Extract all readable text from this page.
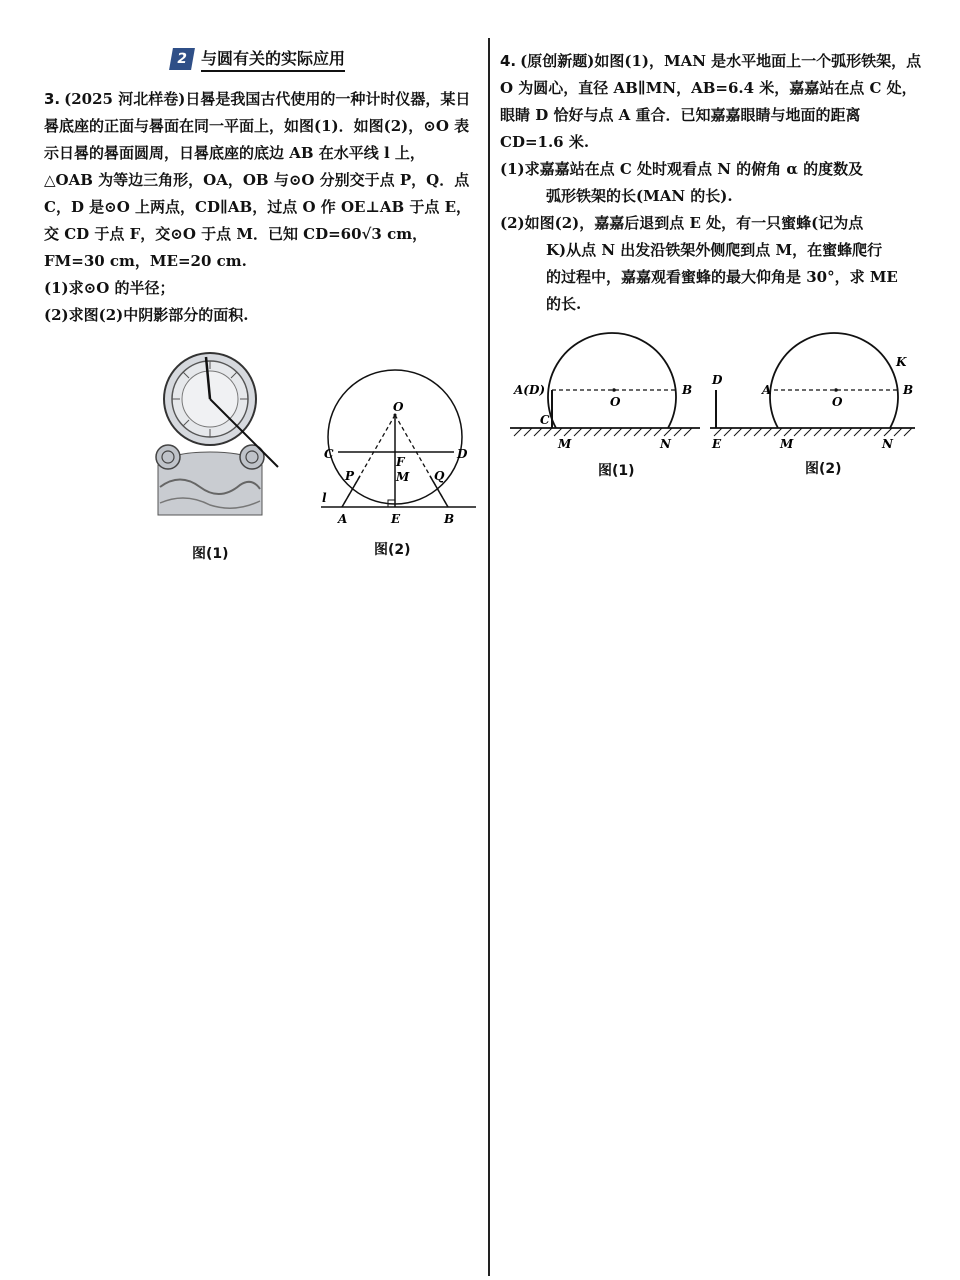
2 与圆有关的实际应用
3. (2025 河北样卷)日晷是我国古代使用的一种计时仪器，某日晷底座的正面与晷面在同一平面上，如图(1)．如图(2)，⊙O 表示日晷的晷面圆周，日晷底座的底边 AB 在水平线 l 上，△OAB 为等边三角形，OA，OB 与⊙O 分别交于点 P，Q．点 C，D 是⊙O 上两点，CD∥AB，过点 O 作 OE⊥AB 于点 E，交 CD 于点 F，交⊙O 于点 M．已知 CD=60√3 cm，FM=30 cm，ME=20 cm.
(1)求⊙O 的半径；
(2)求图(2)中阴影部分的面积.
图(1)
O
C	D
F
M
P	Q
l
A	E	B
图(2)
4. (原创新题)如图(1)，MAN 是水平地面上一个弧形铁架，点 O 为圆心，直径 AB∥MN，AB=6.4 米，嘉嘉站在点 C 处，眼睛 D 恰好与点 A 重合．已知嘉嘉眼睛与地面的距离 CD=1.6 米.
(1)求嘉嘉站在点 C 处时观看点 N 的俯角 α 的度数及
弧形铁架的长(MAN 的长).
(2)如图(2)，嘉嘉后退到点 E 处，有一只蜜蜂(记为点
K)从点 N 出发沿铁架外侧爬到点 M，在蜜蜂爬行
的过程中，嘉嘉观看蜜蜂的最大仰角是 30°，求 ME
的长.
A(D)
C
O
B
M	N
图(1)
D
A
O
B
K
E	M	N
图(2)
